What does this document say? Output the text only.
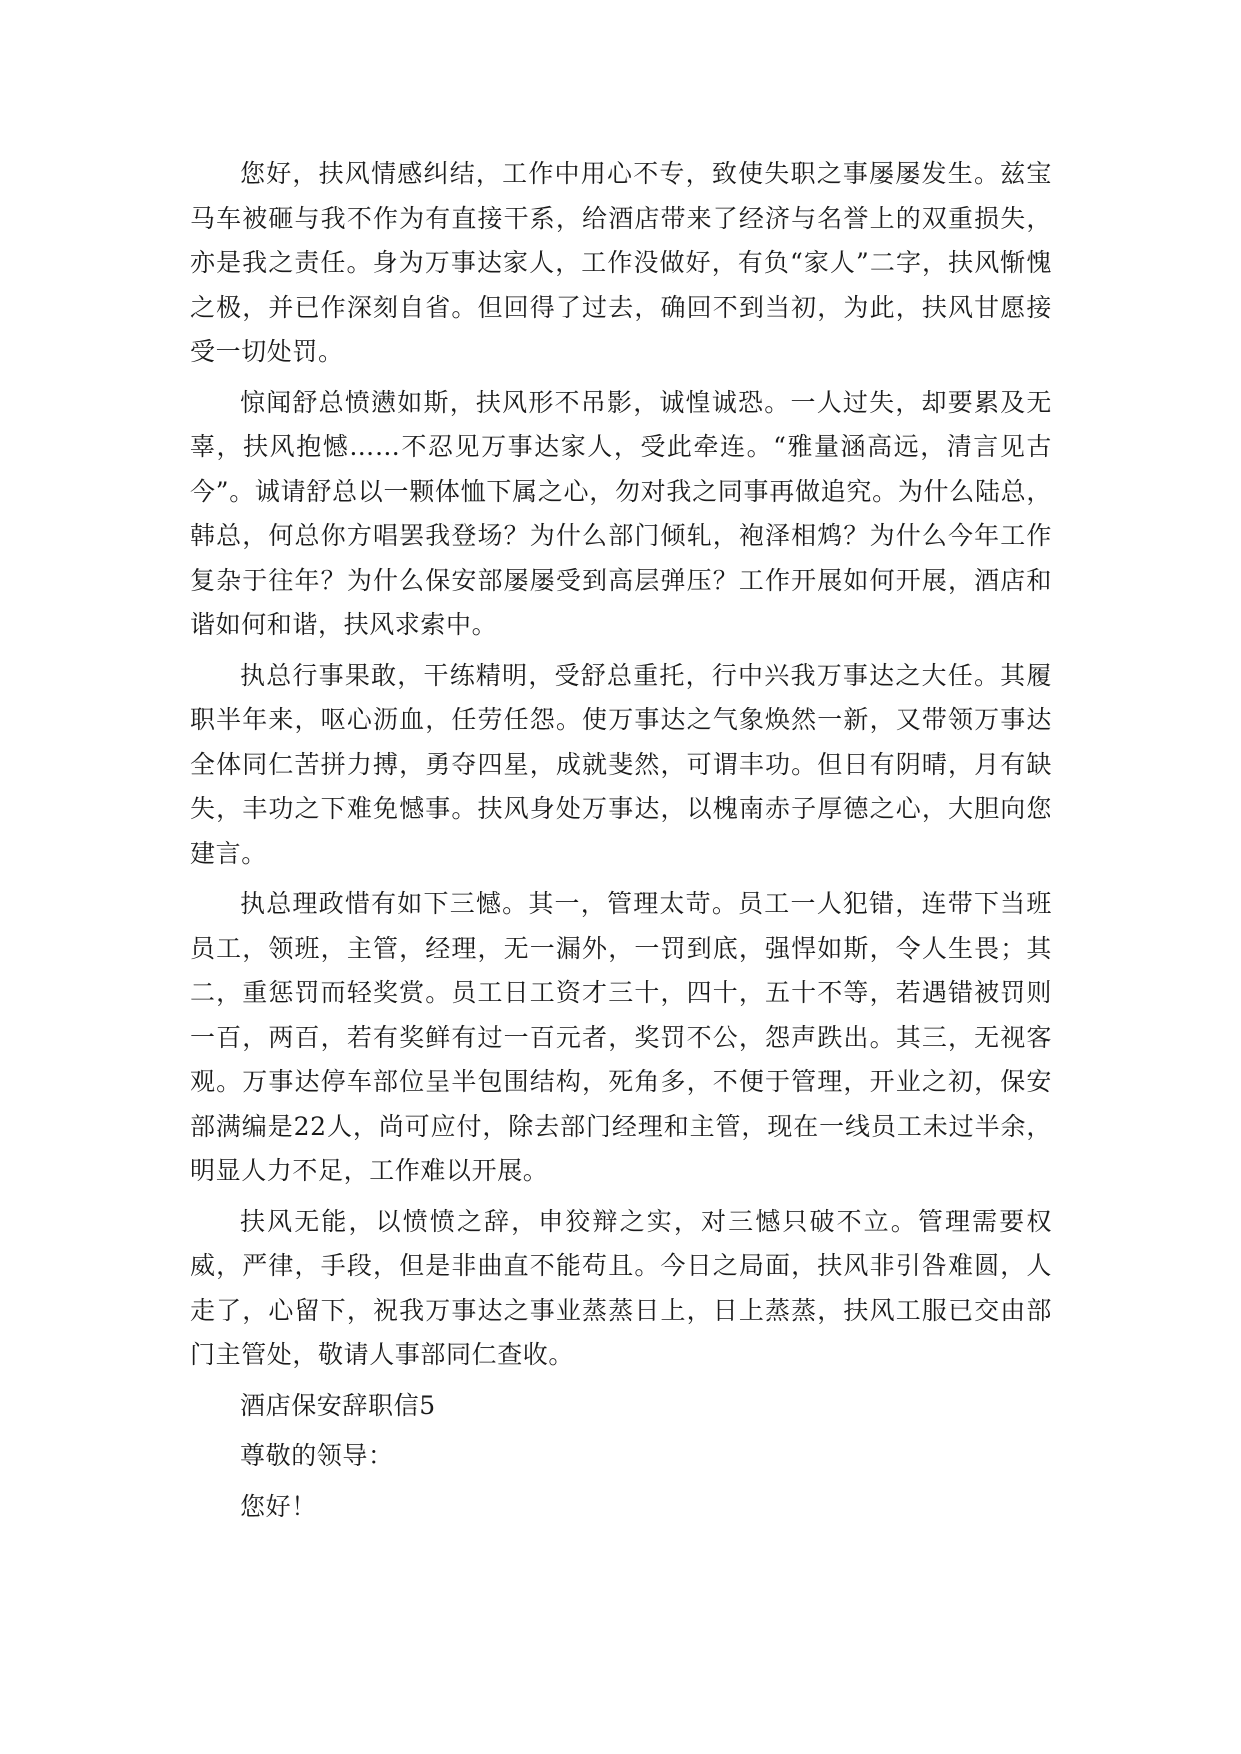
您好，扶风情感纠结，工作中用心不专，致使失职之事屡屡发生。兹宝马车被砸与我不作为有直接干系，给酒店带来了经济与名誉上的双重损失，亦是我之责任。身为万事达家人，工作没做好，有负“家人”二字，扶风惭愧之极，并已作深刻自省。但回得了过去，确回不到当初，为此，扶风甘愿接受一切处罚。

惊闻舒总愤懑如斯，扶风形不吊影，诚惶诚恐。一人过失，却要累及无辜，扶风抱憾……不忍见万事达家人，受此牵连。“雅量涵高远，清言见古今”。诚请舒总以一颗体恤下属之心，勿对我之同事再做追究。为什么陆总，韩总，何总你方唱罢我登场？为什么部门倾轧，袍泽相鸩？为什么今年工作复杂于往年？为什么保安部屡屡受到高层弹压？工作开展如何开展，酒店和谐如何和谐，扶风求索中。

执总行事果敢，干练精明，受舒总重托，行中兴我万事达之大任。其履职半年来，呕心沥血，任劳任怨。使万事达之气象焕然一新，又带领万事达全体同仁苦拼力搏，勇夺四星，成就斐然，可谓丰功。但日有阴晴，月有缺失，丰功之下难免憾事。扶风身处万事达，以槐南赤子厚德之心，大胆向您建言。

执总理政惜有如下三憾。其一，管理太苛。员工一人犯错，连带下当班员工，领班，主管，经理，无一漏外，一罚到底，强悍如斯，令人生畏；其二，重惩罚而轻奖赏。员工日工资才三十，四十，五十不等，若遇错被罚则一百，两百，若有奖鲜有过一百元者，奖罚不公，怨声跌出。其三，无视客观。万事达停车部位呈半包围结构，死角多，不便于管理，开业之初，保安部满编是22人，尚可应付，除去部门经理和主管，现在一线员工未过半余，明显人力不足，工作难以开展。

扶风无能，以愤愤之辞，申狡辩之实，对三憾只破不立。管理需要权威，严律，手段，但是非曲直不能苟且。今日之局面，扶风非引咎难圆，人走了，心留下，祝我万事达之事业蒸蒸日上，日上蒸蒸，扶风工服已交由部门主管处，敬请人事部同仁查收。

酒店保安辞职信5

尊敬的领导：

您好！
